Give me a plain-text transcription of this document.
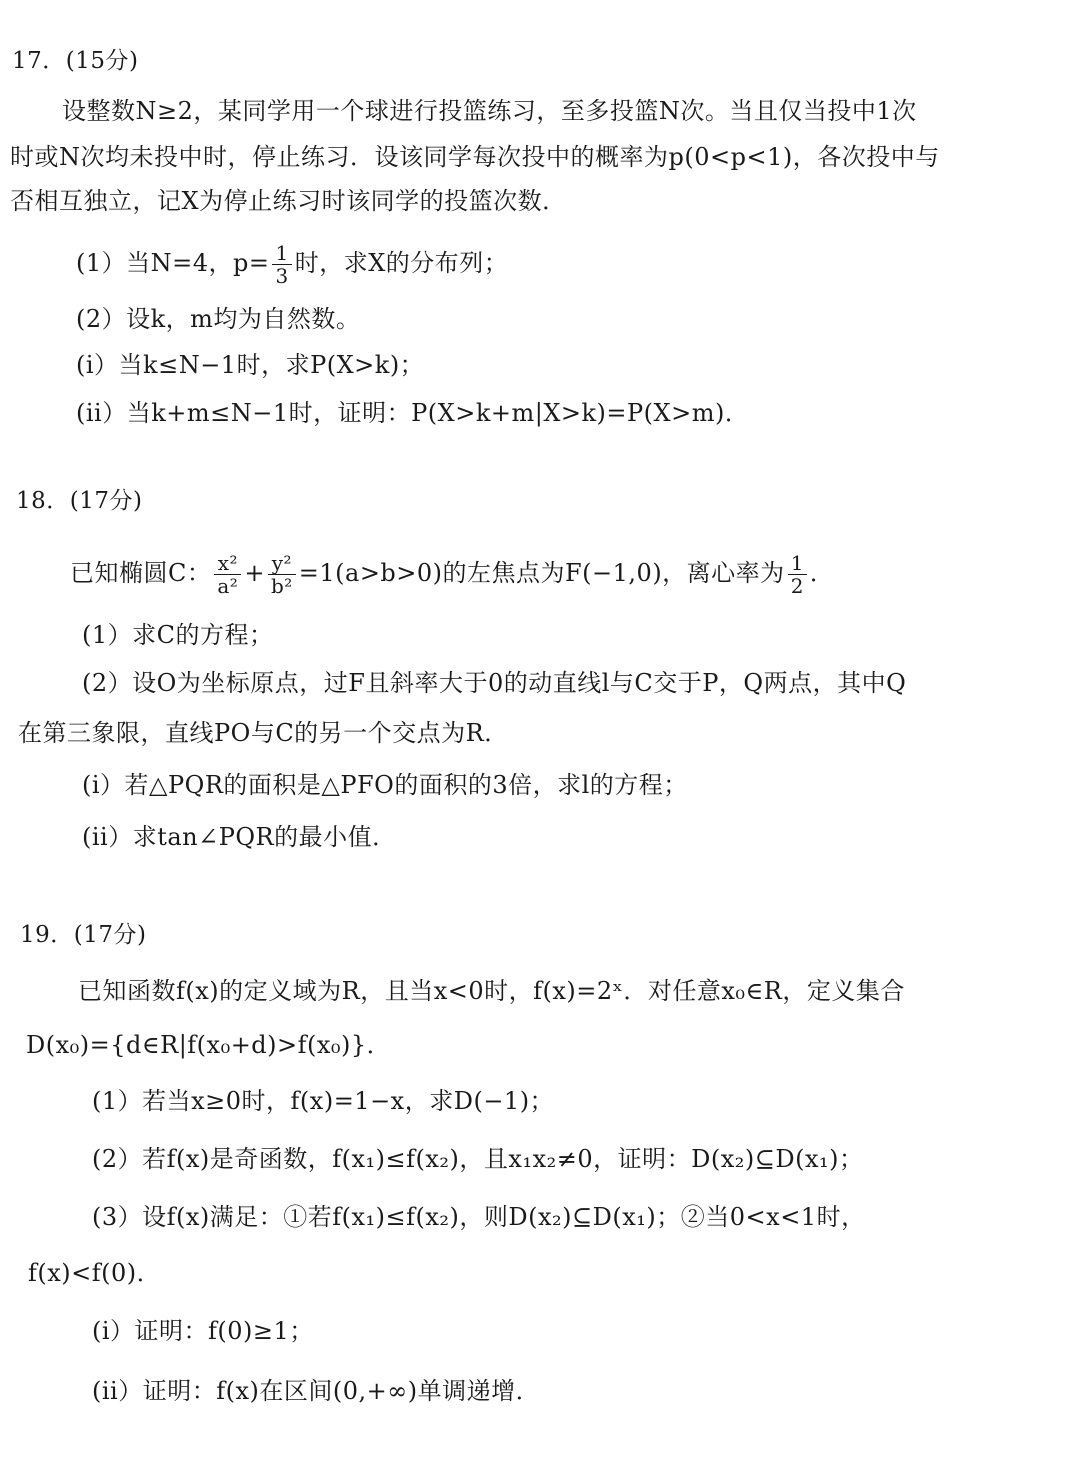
17．(15分)
设整数N≥2，某同学用一个球进行投篮练习，至多投篮N次。当且仅当投中1次
时或N次均未投中时，停止练习．设该同学每次投中的概率为p(0<p<1)，各次投中与
否相互独立，记X为停止练习时该同学的投篮次数．
(1）当N=4，$p= \frac{1}{3}$ 时，求X的分布列；
(2）设k，m均为自然数。
(i）当k≤N−1时，求P(X>k)；
(ii）当k+m≤N−1时，证明：P(X>k+m|X>k)=P(X>m)．
18．(17分)
已知椭圆C： $\frac{\text{x²}}{\text{a²}} + \frac{\text{y²}}{\text{b²}} =1(a>b>0)$的左焦点为F(−1,0)，离心率为 $\frac{1}{2}$ ．
(1）求C的方程；
(2）设O为坐标原点，过F且斜率大于0的动直线l与C交于P，Q两点，其中Q
在第三象限，直线PO与C的另一个交点为R．
(i）若△PQR的面积是△PFO的面积的3倍，求l的方程；
(ii）求tan∠PQR的最小值．
19．(17分)
已知函数f(x)的定义域为R，且当x<0时，f(x)=2ˣ．对任意x₀∈R，定义集合
D(x₀)={d∈R|f(x₀+d)>f(x₀)}．
(1）若当x≥0时，f(x)=1−x，求D(−1)；
(2）若f(x)是奇函数，f(x₁)≤f(x₂)，且x₁x₂≠0，证明：D(x₂)⊆D(x₁)；
(3）设f(x)满足：①若f(x₁)≤f(x₂)，则D(x₂)⊆D(x₁)；②当0<x<1时，
f(x)<f(0)．
(i）证明：f(0)≥1；
(ii）证明：f(x)在区间(0,+∞)单调递增．
